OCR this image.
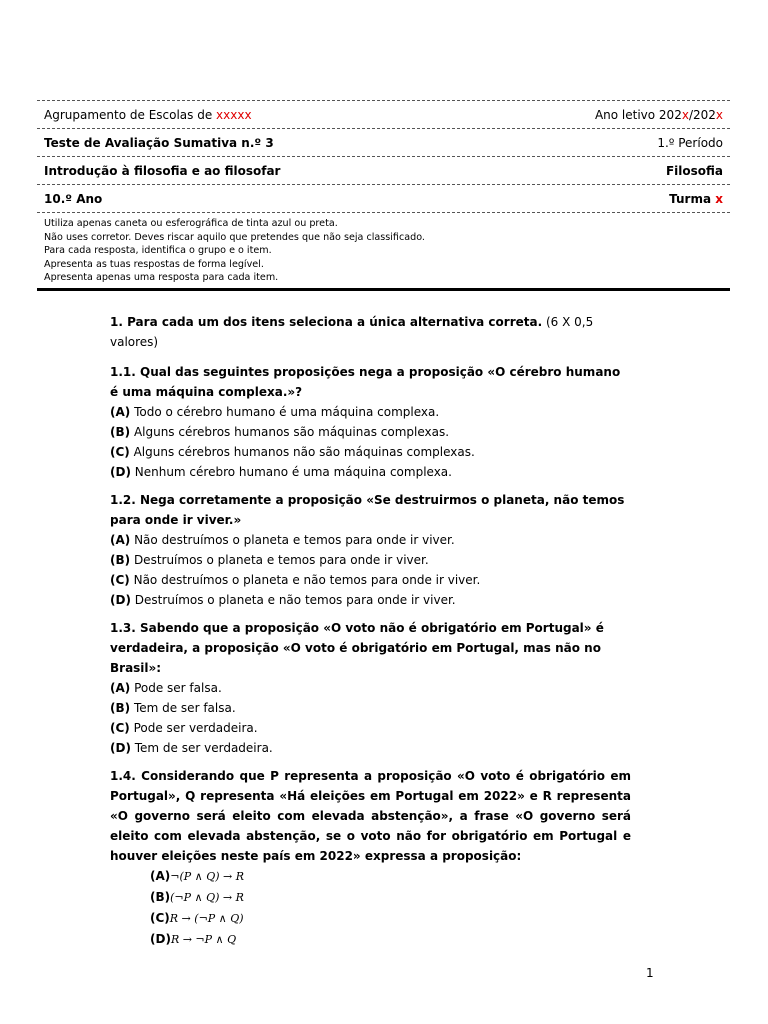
Agrupamento de Escolas de xxxxx	Ano letivo 202x/202x
Teste de Avaliação Sumativa n.º 3	1.º Período
Introdução à filosofia e ao filosofar	Filosofia
10.º Ano	Turma x
Utiliza apenas caneta ou esferográfica de tinta azul ou preta.
Não uses corretor. Deves riscar aquilo que pretendes que não seja classificado.
Para cada resposta, identifica o grupo e o item.
Apresenta as tuas respostas de forma legível.
Apresenta apenas uma resposta para cada item.

1. Para cada um dos itens seleciona a única alternativa correta. (6 X 0,5 valores)

1.1. Qual das seguintes proposições nega a proposição «O cérebro humano é uma máquina complexa.»?

(A) Todo o cérebro humano é uma máquina complexa.

(B) Alguns cérebros humanos são máquinas complexas.

(C) Alguns cérebros humanos não são máquinas complexas.

(D) Nenhum cérebro humano é uma máquina complexa.

1.2. Nega corretamente a proposição «Se destruirmos o planeta, não temos para onde ir viver.»

(A) Não destruímos o planeta e temos para onde ir viver.

(B) Destruímos o planeta e temos para onde ir viver.

(C) Não destruímos o planeta e não temos para onde ir viver.

(D) Destruímos o planeta e não temos para onde ir viver.

1.3. Sabendo que a proposição «O voto não é obrigatório em Portugal» é verdadeira, a proposição «O voto é obrigatório em Portugal, mas não no Brasil»:

(A) Pode ser falsa.

(B) Tem de ser falsa.

(C) Pode ser verdadeira.

(D) Tem de ser verdadeira.

1.4. Considerando que P representa a proposição «O voto é obrigatório em Portugal», Q representa «Há eleições em Portugal em 2022» e R representa «O governo será eleito com elevada abstenção», a frase «O governo será eleito com elevada abstenção, se o voto não for obrigatório em Portugal e houver eleições neste país em 2022» expressa a proposição:

(A)¬(P ∧ Q) → R

(B)(¬P ∧ Q) → R

(C)R → (¬P ∧ Q)

(D)R → ¬P ∧ Q

1
